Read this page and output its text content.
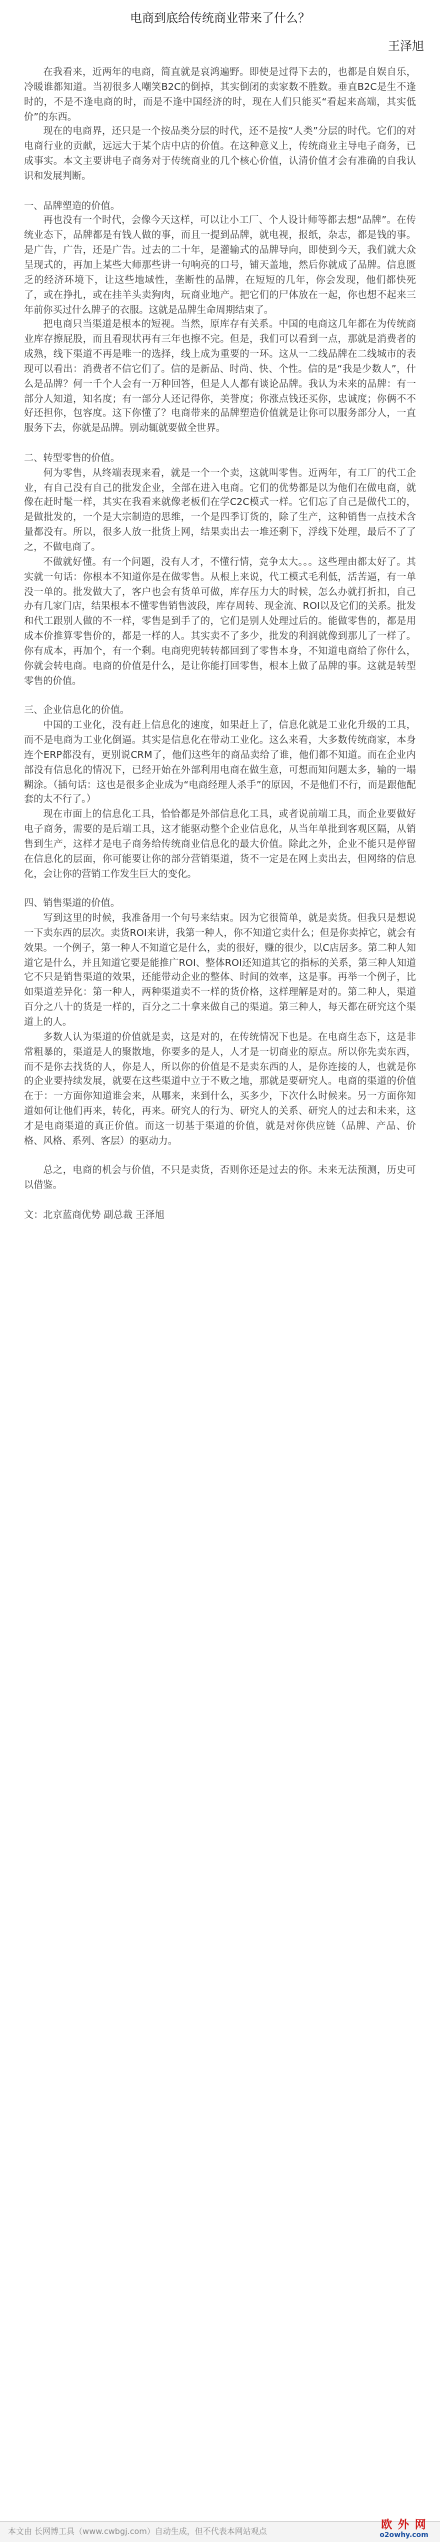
电商到底给传统商业带来了什么？
王泽旭

在我看来，近两年的电商，简直就是哀鸿遍野。即使是过得下去的，也都是自娱自乐，冷暖谁都知道。当初很多人嘲笑B2C的倒掉，其实倒闭的卖家数不胜数。垂直B2C是生不逢时的，不是不逢电商的时，而是不逢中国经济的时，现在人们只能买“看起来高端，其实低价”的东西。

现在的电商界，还只是一个按品类分层的时代，还不是按“人类”分层的时代。它们的对电商行业的贡献，远远大于某个店中店的价值。在这种意义上，传统商业主导电子商务，已成事实。本文主要讲电子商务对于传统商业的几个核心价值，认清价值才会有准确的自我认识和发展判断。

一、品牌塑造的价值。

再也没有一个时代，会像今天这样，可以让小工厂、个人设计师等都去想“品牌”。在传统业态下，品牌都是有钱人做的事，而且一提到品牌，就电视，报纸，杂志，都是钱的事。是广告，广告，还是广告。过去的二十年，是灌输式的品牌导向，即使到今天，我们就大众呈现式的，再加上某些大师那些讲一句响亮的口号，铺天盖地，然后你就成了品牌。信息匮乏的经济环境下，让这些地域性，垄断性的品牌，在短短的几年，你会发现，他们都快死了，或在挣扎，或在挂羊头卖狗肉，玩商业地产。把它们的尸体放在一起，你也想不起来三年前你买过什么牌子的衣服。这就是品牌生命周期结束了。

把电商只当渠道是根本的短视。当然，原库存有关系。中国的电商这几年都在为传统商业库存擦屁股，而且看现状再有三年也擦不完。但是，我们可以看到一点，那就是消费者的成熟，线下渠道不再是唯一的选择，线上成为重要的一环。这从一二线品牌在二线城市的表现可以看出：消费者不信它们了。信的是新品、时尚、快、个性。信的是“我是少数人”，什么是品牌？何一千个人会有一万种回答，但是人人都有谈论品牌。我认为未来的品牌：有一部分人知道，知名度；有一部分人还记得你，美誉度；你涨点钱还买你，忠诚度；你俩不不好还担你，包容度。这下你懂了？电商带来的品牌塑造价值就是让你可以服务部分人，一直服务下去，你就是品牌。别动辄就要做全世界。

二、转型零售的价值。

何为零售，从终端表现来看，就是一个一个卖，这就叫零售。近两年，有工厂的代工企业，有自己没有自己的批发企业，全部在进入电商。它们的优势都是以为他们在做电商，就像在赶时髦一样，其实在我看来就像老板们在学C2C模式一样。它们忘了自己是做代工的，是做批发的，一个是大宗制造的思维，一个是四季订货的，除了生产，这种销售一点技术含量都没有。所以，很多人放一批货上网，结果卖出去一堆还剩下，浮线下处理，最后不了了之，不做电商了。

不做就好懂。有一个问题，没有人才，不懂行情，竞争太大。。。这些理由都太好了。其实就一句话：你根本不知道你是在做零售。从根上来说，代工模式毛利低，活苦逼，有一单没一单的。批发做大了，客户也会有货单可做，库存压力大的时候，怎么办就打折扣，自己办有几家门店，结果根本不懂零售销售波段，库存周转、现金流、ROI以及它们的关系。批发和代工跟别人做的不一样，零售是到手了的，它们是别人处理过后的。能做零售的，都是用成本价推算零售价的，都是一样的人。其实卖不了多少，批发的利润就像到那儿了一样了。你有成本，再加个，有一个剩。电商兜兜转转都回到了零售本身，不知道电商给了你什么，你就会转电商。电商的价值是什么，是让你能打回零售，根本上做了品牌的事。这就是转型零售的价值。

三、企业信息化的价值。

中国的工业化，没有赶上信息化的速度，如果赶上了，信息化就是工业化升级的工具，而不是电商为工业化倒逼。其实是信息化在带动工业化。这么来看，大多数传统商家，本身连个ERP都没有，更别说CRM了，他们这些年的商品卖给了谁，他们都不知道。而在企业内部没有信息化的情况下，已经开始在外部利用电商在做生意，可想而知问题太多，输的一塌糊涂。（插句话：这也是很多企业成为“电商经理人杀手”的原因，不是他们不行，而是跟他配套的太不行了。）

现在市面上的信息化工具，恰恰都是外部信息化工具，或者说前端工具，而企业要做好电子商务，需要的是后端工具，这才能驱动整个企业信息化，从当年单批到客观区隔，从销售到生产，这样才是电子商务给传统商业信息化的最大价值。除此之外，企业不能只是停留在信息化的层面，你可能要让你的部分营销渠道，货不一定是在网上卖出去，但网络的信息化，会让你的营销工作发生巨大的变化。

四、销售渠道的价值。

写到这里的时候，我准备用一个句号来结束。因为它很简单，就是卖货。但我只是想说一下卖东西的层次。卖货ROI来讲，我第一种人，你不知道它卖什么；但是你卖掉它，就会有效果。一个例子，第一种人不知道它是什么，卖的很好，赚的很少，以C店居多。第二种人知道它是什么，并且知道它要是能推广ROI、整体ROI还知道其它的指标的关系，第三种人知道它不只是销售渠道的效果，还能带动企业的整体、时间的效率，这是事。再举一个例子，比如渠道差异化：第一种人，两种渠道卖不一样的货价格，这样理解是对的。第二种人，渠道百分之八十的货是一样的，百分之二十拿来做自己的渠道。第三种人，每天都在研究这个渠道上的人。

多数人认为渠道的价值就是卖，这是对的，在传统情况下也是。在电商生态下，这是非常粗暴的，渠道是人的聚散地，你要多的是人，人才是一切商业的原点。所以你先卖东西，而不是你去找货的人，你是人，所以你的价值是不是卖东西的人，是你连接的人，也就是你的企业要持续发展，就要在这些渠道中立于不败之地，那就是要研究人。电商的渠道的价值在于：一方面你知道谁会来，从哪来，来到什么，买多少，下次什么时候来。另一方面你知道如何让他们再来，转化，再来。研究人的行为、研究人的关系、研究人的过去和未来，这才是电商渠道的真正价值。而这一切基于渠道的价值，就是对你供应链（品牌、产品、价格、风格、系列、客层）的驱动力。

总之，电商的机会与价值，不只是卖货，否则你还是过去的你。未来无法预测，历史可以借鉴。

文：北京蓝商优势 副总裁 王泽旭

本文由 长网博工具（www.cwbgj.com）自动生成，但不代表本网站观点
欧 外 网
o2owhy.com
